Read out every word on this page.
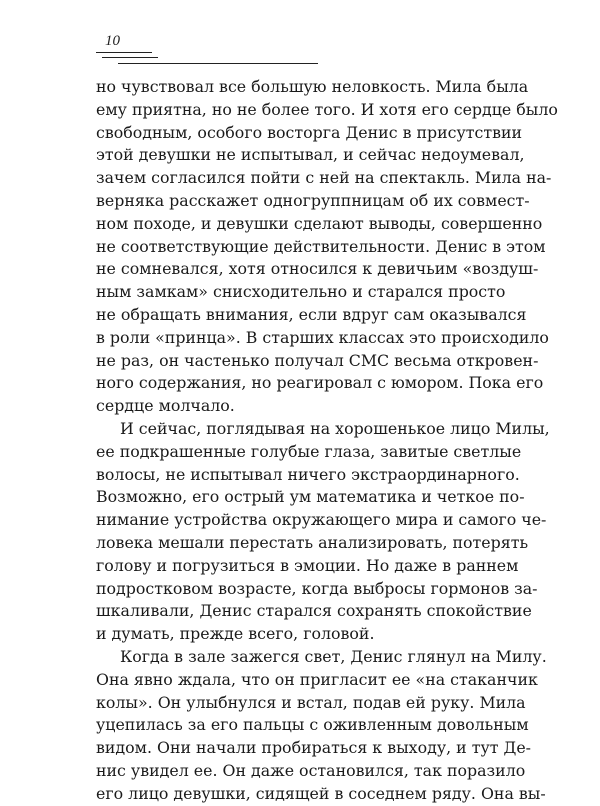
10
но чувствовал все большую неловкость. Мила была
ему приятна, но не более того. И хотя его сердце было
свободным, особого восторга Денис в присутствии
этой девушки не испытывал, и сейчас недоумевал,
зачем согласился пойти с ней на спектакль. Мила на-
верняка расскажет одногруппницам об их совмест-
ном походе, и девушки сделают выводы, совершенно
не соответствующие действительности. Денис в этом
не сомневался, хотя относился к девичьим «воздуш-
ным замкам» снисходительно и старался просто
не обращать внимания, если вдруг сам оказывался
в роли «принца». В старших классах это происходило
не раз, он частенько получал СМС весьма откровен-
ного содержания, но реагировал с юмором. Пока его
сердце молчало.
И сейчас, поглядывая на хорошенькое лицо Милы,
ее подкрашенные голубые глаза, завитые светлые
волосы, не испытывал ничего экстраординарного.
Возможно, его острый ум математика и четкое по-
нимание устройства окружающего мира и самого че-
ловека мешали перестать анализировать, потерять
голову и погрузиться в эмоции. Но даже в раннем
подростковом возрасте, когда выбросы гормонов за-
шкаливали, Денис старался сохранять спокойствие
и думать, прежде всего, головой.
Когда в зале зажегся свет, Денис глянул на Милу.
Она явно ждала, что он пригласит ее «на стаканчик
колы». Он улыбнулся и встал, подав ей руку. Мила
уцепилась за его пальцы с оживленным довольным
видом. Они начали пробираться к выходу, и тут Де-
нис увидел ее. Он даже остановился, так поразило
его лицо девушки, сидящей в соседнем ряду. Она вы-
